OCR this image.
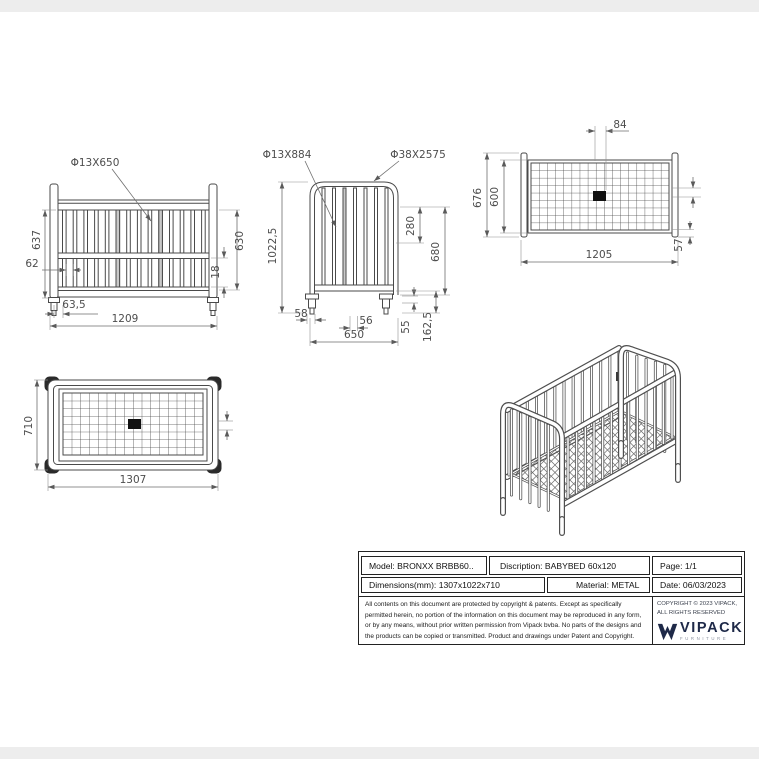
Φ13X650
637
62
63,5
1209
630
18
Φ13X884	Φ38X2575
1022,5
280
680
55 162,5
58
56
650
84
676 600
57
1205
710
1307
Model: BRONXX BRBB60..	Discription: BABYBED 60x120	Page: 1/1
Dimensions(mm): 1307x1022x710	Material: METAL	Date: 06/03/2023
All contents on this document are protected by copyright & patents. Except as specifically permitted herein, no portion of the information on this document may be reproduced in any form, or by any means, without prior written permission from Vipack bvba. No parts of the designs and the products can be copied or transmitted. Product and drawings under Patent and Copyright.
COPYRIGHT © 2023 VIPACK,
ALL RIGHTS RESERVED
VIPACK
FURNITURE
